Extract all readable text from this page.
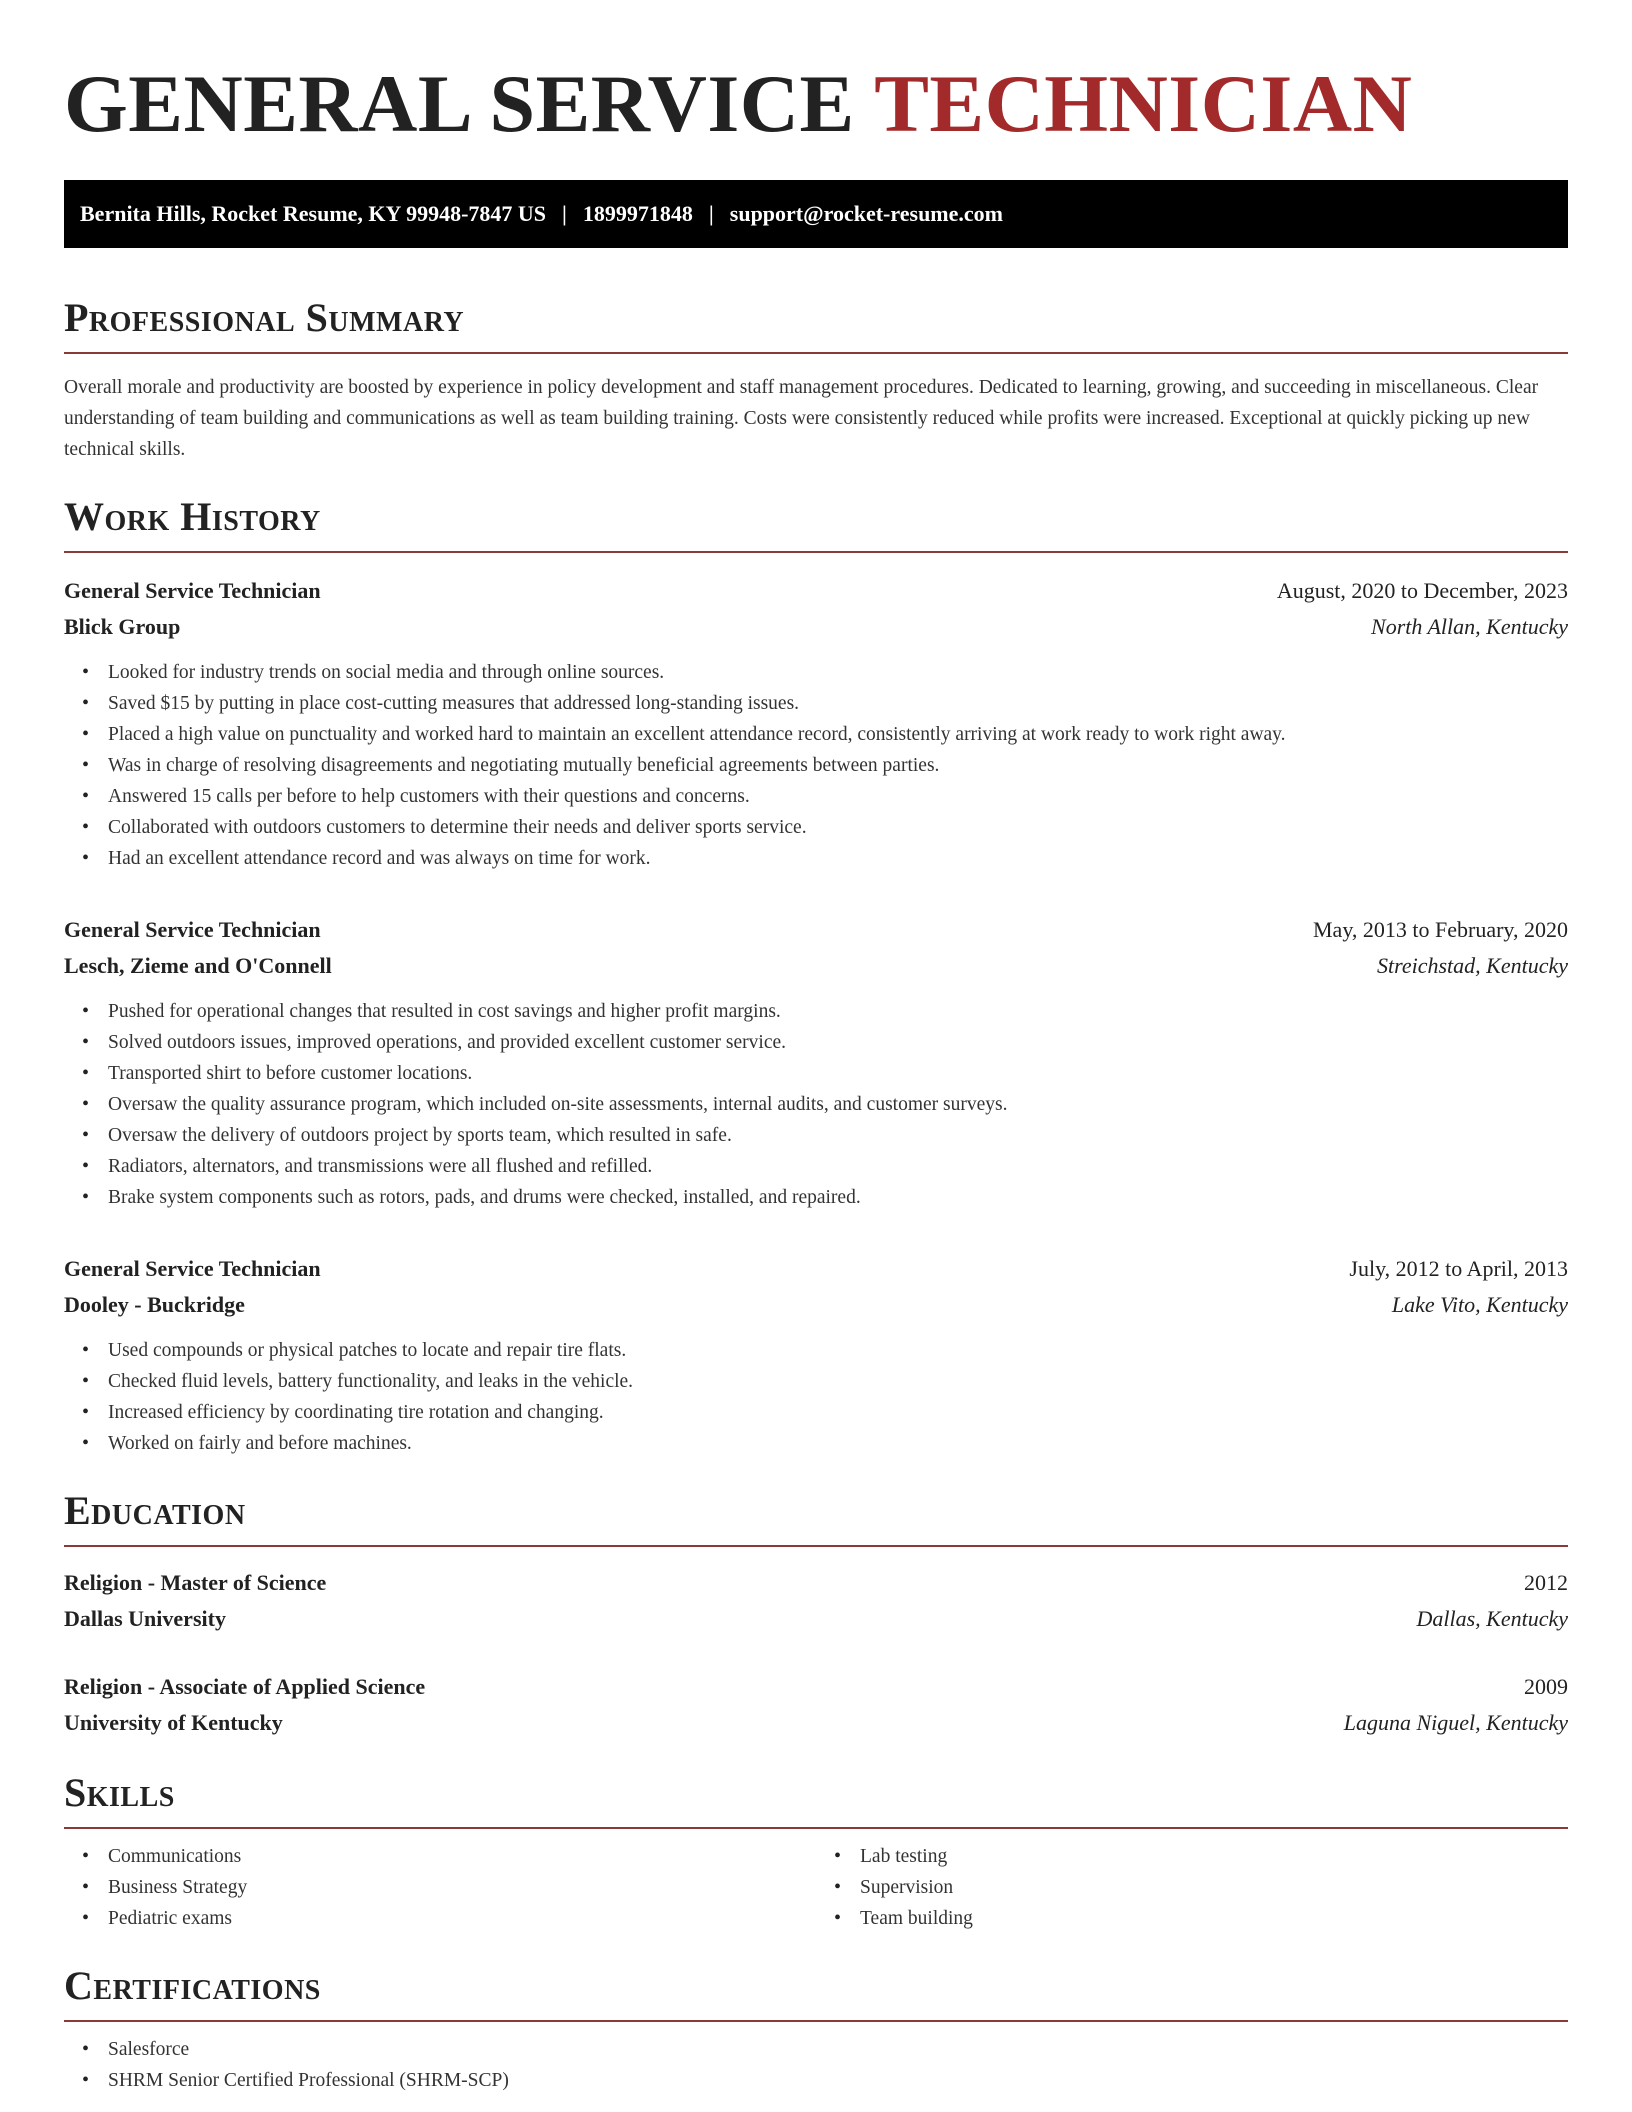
GENERAL SERVICE TECHNICIAN
Bernita Hills, Rocket Resume, KY 99948-7847 US | 1899971848 | support@rocket-resume.com
Professional Summary

Overall morale and productivity are boosted by experience in policy development and staff management procedures. Dedicated to learning, growing, and succeeding in miscellaneous. Clear understanding of team building and communications as well as team building training. Costs were consistently reduced while profits were increased. Exceptional at quickly picking up new technical skills.

Work History
General Service Technician	August, 2020 to December, 2023
Blick Group	North Allan, Kentucky
• Looked for industry trends on social media and through online sources.
• Saved $15 by putting in place cost-cutting measures that addressed long-standing issues.
• Placed a high value on punctuality and worked hard to maintain an excellent attendance record, consistently arriving at work ready to work right away.
• Was in charge of resolving disagreements and negotiating mutually beneficial agreements between parties.
• Answered 15 calls per before to help customers with their questions and concerns.
• Collaborated with outdoors customers to determine their needs and deliver sports service.
• Had an excellent attendance record and was always on time for work.
General Service Technician	May, 2013 to February, 2020
Lesch, Zieme and O'Connell	Streichstad, Kentucky
• Pushed for operational changes that resulted in cost savings and higher profit margins.
• Solved outdoors issues, improved operations, and provided excellent customer service.
• Transported shirt to before customer locations.
• Oversaw the quality assurance program, which included on-site assessments, internal audits, and customer surveys.
• Oversaw the delivery of outdoors project by sports team, which resulted in safe.
• Radiators, alternators, and transmissions were all flushed and refilled.
• Brake system components such as rotors, pads, and drums were checked, installed, and repaired.
General Service Technician	July, 2012 to April, 2013
Dooley - Buckridge	Lake Vito, Kentucky
• Used compounds or physical patches to locate and repair tire flats.
• Checked fluid levels, battery functionality, and leaks in the vehicle.
• Increased efficiency by coordinating tire rotation and changing.
• Worked on fairly and before machines.
Education
Religion - Master of Science	2012
Dallas University	Dallas, Kentucky
Religion - Associate of Applied Science	2009
University of Kentucky	Laguna Niguel, Kentucky
Skills
• Communications
• Business Strategy
• Pediatric exams
• Lab testing
• Supervision
• Team building
Certifications
• Salesforce
• SHRM Senior Certified Professional (SHRM-SCP)
